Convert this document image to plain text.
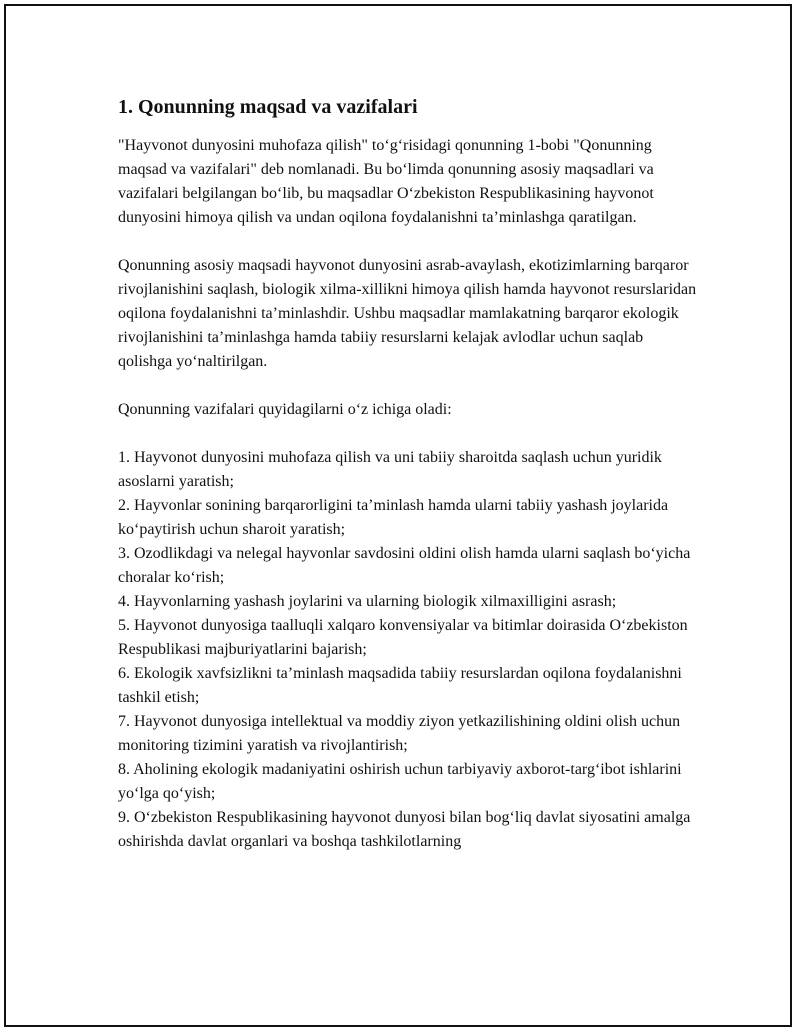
1. Qonunning maqsad va vazifalari

"Hayvonot dunyosini muhofaza qilish" to‘g‘risidagi qonunning 1-bobi "Qonunning maqsad va vazifalari" deb nomlanadi. Bu bo‘limda qonunning asosiy maqsadlari va vazifalari belgilangan bo‘lib, bu maqsadlar O‘zbekiston Respublikasining hayvonot dunyosini himoya qilish va undan oqilona foydalanishni ta’minlashga qaratilgan.

Qonunning asosiy maqsadi hayvonot dunyosini asrab-avaylash, ekotizimlarning barqaror rivojlanishini saqlash, biologik xilma-xillikni himoya qilish hamda hayvonot resurslaridan oqilona foydalanishni ta’minlashdir. Ushbu maqsadlar mamlakatning barqaror ekologik rivojlanishini ta’minlashga hamda tabiiy resurslarni kelajak avlodlar uchun saqlab qolishga yo‘naltirilgan.

Qonunning vazifalari quyidagilarni o‘z ichiga oladi:

1. Hayvonot dunyosini muhofaza qilish va uni tabiiy sharoitda saqlash uchun yuridik asoslarni yaratish;
2. Hayvonlar sonining barqarorligini ta’minlash hamda ularni tabiiy yashash joylarida ko‘paytirish uchun sharoit yaratish;
3. Ozodlikdagi va nelegal hayvonlar savdosini oldini olish hamda ularni saqlash bo‘yicha choralar ko‘rish;
4. Hayvonlarning yashash joylarini va ularning biologik xilmaxilligini asrash;
5. Hayvonot dunyosiga taalluqli xalqaro konvensiyalar va bitimlar doirasida O‘zbekiston Respublikasi majburiyatlarini bajarish;
6. Ekologik xavfsizlikni ta’minlash maqsadida tabiiy resurslardan oqilona foydalanishni tashkil etish;
7. Hayvonot dunyosiga intellektual va moddiy ziyon yetkazilishining oldini olish uchun monitoring tizimini yaratish va rivojlantirish;
8. Aholining ekologik madaniyatini oshirish uchun tarbiyaviy axborot-targ‘ibot ishlarini yo‘lga qo‘yish;
9. O‘zbekiston Respublikasining hayvonot dunyosi bilan bog‘liq davlat siyosatini amalga oshirishda davlat organlari va boshqa tashkilotlarning
